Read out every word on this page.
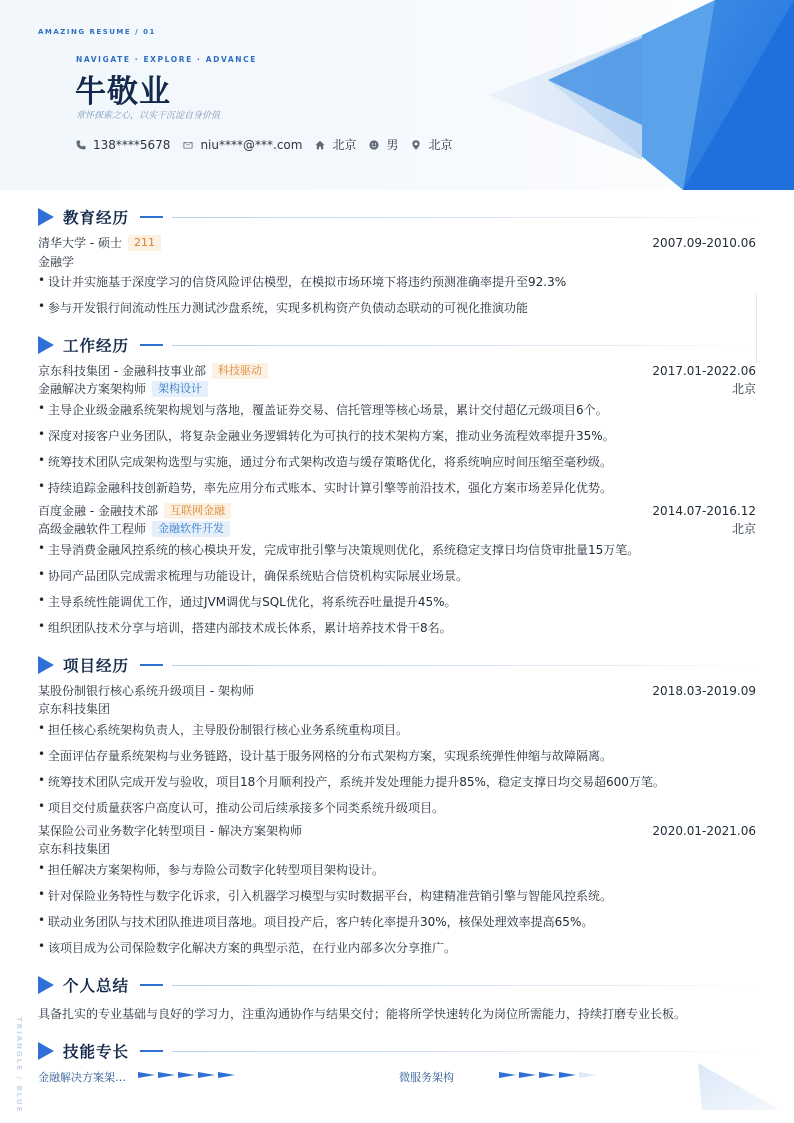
AMAZING RESUME / 01
NAVIGATE · EXPLORE · ADVANCE
牛敬业
常怀探索之心，以实干沉淀自身价值
138****5678	niu****@***.com	北京	男	北京
教育经历
清华大学 - 硕士	211	2007.09-2010.06
金融学
• 设计并实施基于深度学习的信贷风险评估模型，在模拟市场环境下将违约预测准确率提升至92.3%
• 参与开发银行间流动性压力测试沙盘系统，实现多机构资产负债动态联动的可视化推演功能
工作经历
京东科技集团 - 金融科技事业部	科技驱动	2017.01-2022.06
金融解决方案架构师	架构设计	北京
• 主导企业级金融系统架构规划与落地，覆盖证券交易、信托管理等核心场景，累计交付超亿元级项目6个。
• 深度对接客户业务团队，将复杂金融业务逻辑转化为可执行的技术架构方案，推动业务流程效率提升35%。
• 统筹技术团队完成架构选型与实施，通过分布式架构改造与缓存策略优化，将系统响应时间压缩至毫秒级。
• 持续追踪金融科技创新趋势，率先应用分布式账本、实时计算引擎等前沿技术，强化方案市场差异化优势。
百度金融 - 金融技术部	互联网金融	2014.07-2016.12
高级金融软件工程师	金融软件开发	北京
• 主导消费金融风控系统的核心模块开发，完成审批引擎与决策规则优化，系统稳定支撑日均信贷审批量15万笔。
• 协同产品团队完成需求梳理与功能设计，确保系统贴合信贷机构实际展业场景。
• 主导系统性能调优工作，通过JVM调优与SQL优化，将系统吞吐量提升45%。
• 组织团队技术分享与培训，搭建内部技术成长体系，累计培养技术骨干8名。
项目经历
某股份制银行核心系统升级项目 - 架构师	2018.03-2019.09
京东科技集团
• 担任核心系统架构负责人，主导股份制银行核心业务系统重构项目。
• 全面评估存量系统架构与业务链路，设计基于服务网格的分布式架构方案，实现系统弹性伸缩与故障隔离。
• 统筹技术团队完成开发与验收，项目18个月顺利投产，系统并发处理能力提升85%，稳定支撑日均交易超600万笔。
• 项目交付质量获客户高度认可，推动公司后续承接多个同类系统升级项目。
某保险公司业务数字化转型项目 - 解决方案架构师	2020.01-2021.06
京东科技集团
• 担任解决方案架构师，参与寿险公司数字化转型项目架构设计。
• 针对保险业务特性与数字化诉求，引入机器学习模型与实时数据平台，构建精准营销引擎与智能风控系统。
• 联动业务团队与技术团队推进项目落地。项目投产后，客户转化率提升30%，核保处理效率提高65%。
• 该项目成为公司保险数字化解决方案的典型示范，在行业内部多次分享推广。
个人总结
具备扎实的专业基础与良好的学习力，注重沟通协作与结果交付；能将所学快速转化为岗位所需能力，持续打磨专业长板。
技能专长
金融解决方案架…	微服务架构
TRIANGLE / BLUE
